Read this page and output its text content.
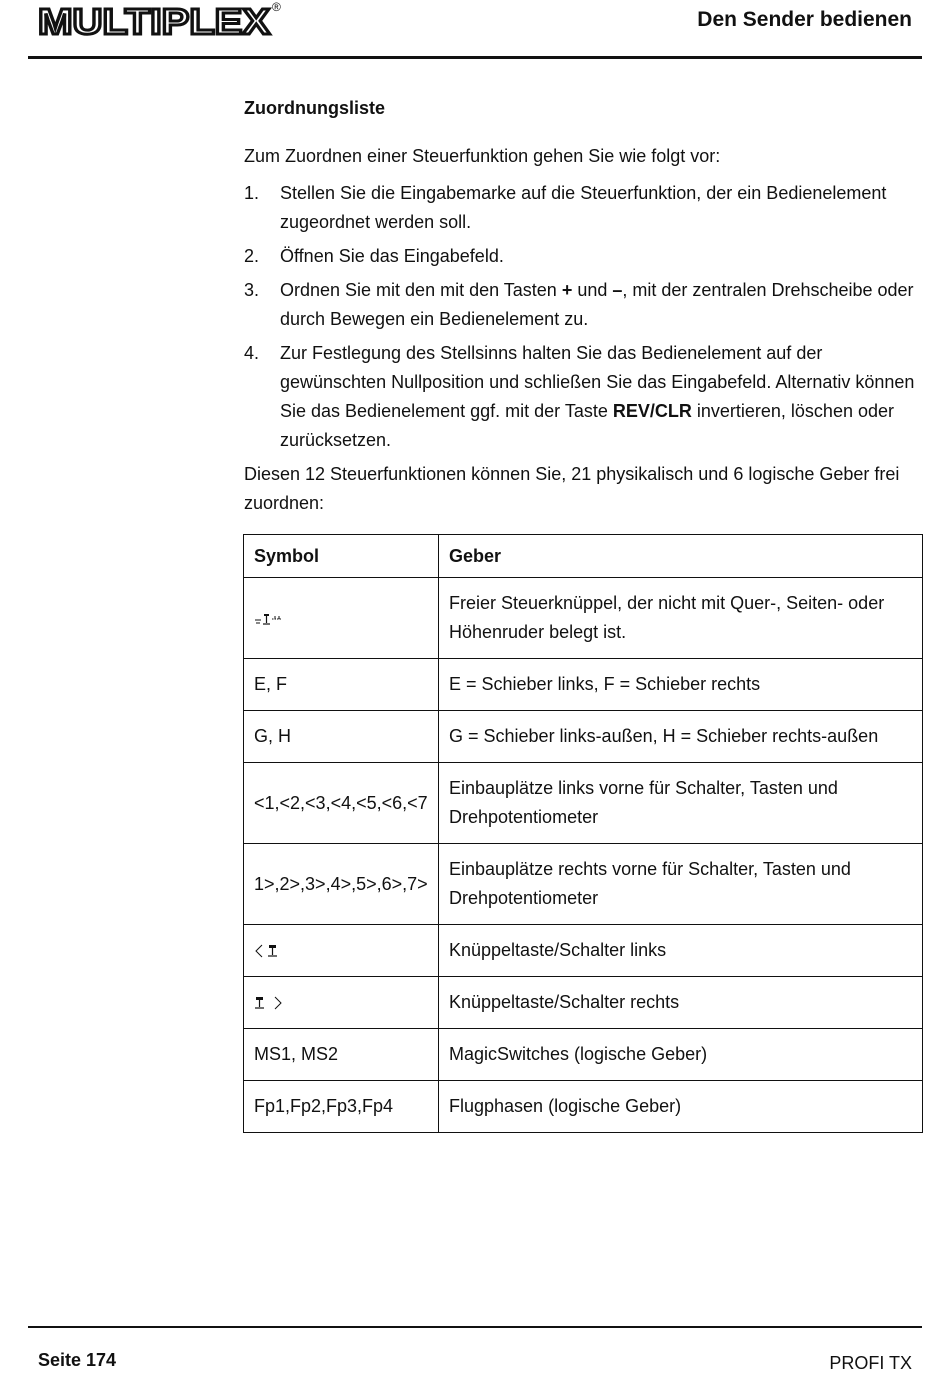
MULTIPLEX ®
Den Sender bedienen
Zuordnungsliste

Zum Zuordnen einer Steuerfunktion gehen Sie wie folgt vor:

1. Stellen Sie die Eingabemarke auf die Steuerfunktion, der ein Bedienelement zugeordnet werden soll.
2. Öffnen Sie das Eingabefeld.
3. Ordnen Sie mit den mit den Tasten + und –, mit der zentralen Drehscheibe oder durch Bewegen ein Bedienelement zu.
4. Zur Festlegung des Stellsinns halten Sie das Bedienelement auf der gewünschten Nullposition und schließen Sie das Eingabefeld. Alternativ können Sie das Bedienelement ggf. mit der Taste REV/CLR invertieren, löschen oder zurücksetzen.

Diesen 12 Steuerfunktionen können Sie, 21 physikalisch und 6 logische Geber frei zuordnen:

Symbol	Geber
	Freier Steuerknüppel, der nicht mit Quer-, Seiten- oder Höhenruder belegt ist.
E, F	E = Schieber links, F = Schieber rechts
G, H	G = Schieber links-außen, H = Schieber rechts-außen
<1,<2,<3,<4,<5,<6,<7	Einbauplätze links vorne für Schalter, Tasten und Drehpotentiometer
1>,2>,3>,4>,5>,6>,7>	Einbauplätze rechts vorne für Schalter, Tasten und Drehpotentiometer
	Knüppeltaste/Schalter links
	Knüppeltaste/Schalter rechts
MS1, MS2	MagicSwitches (logische Geber)
Fp1,Fp2,Fp3,Fp4	Flugphasen (logische Geber)
Seite 174	PROFI TX
